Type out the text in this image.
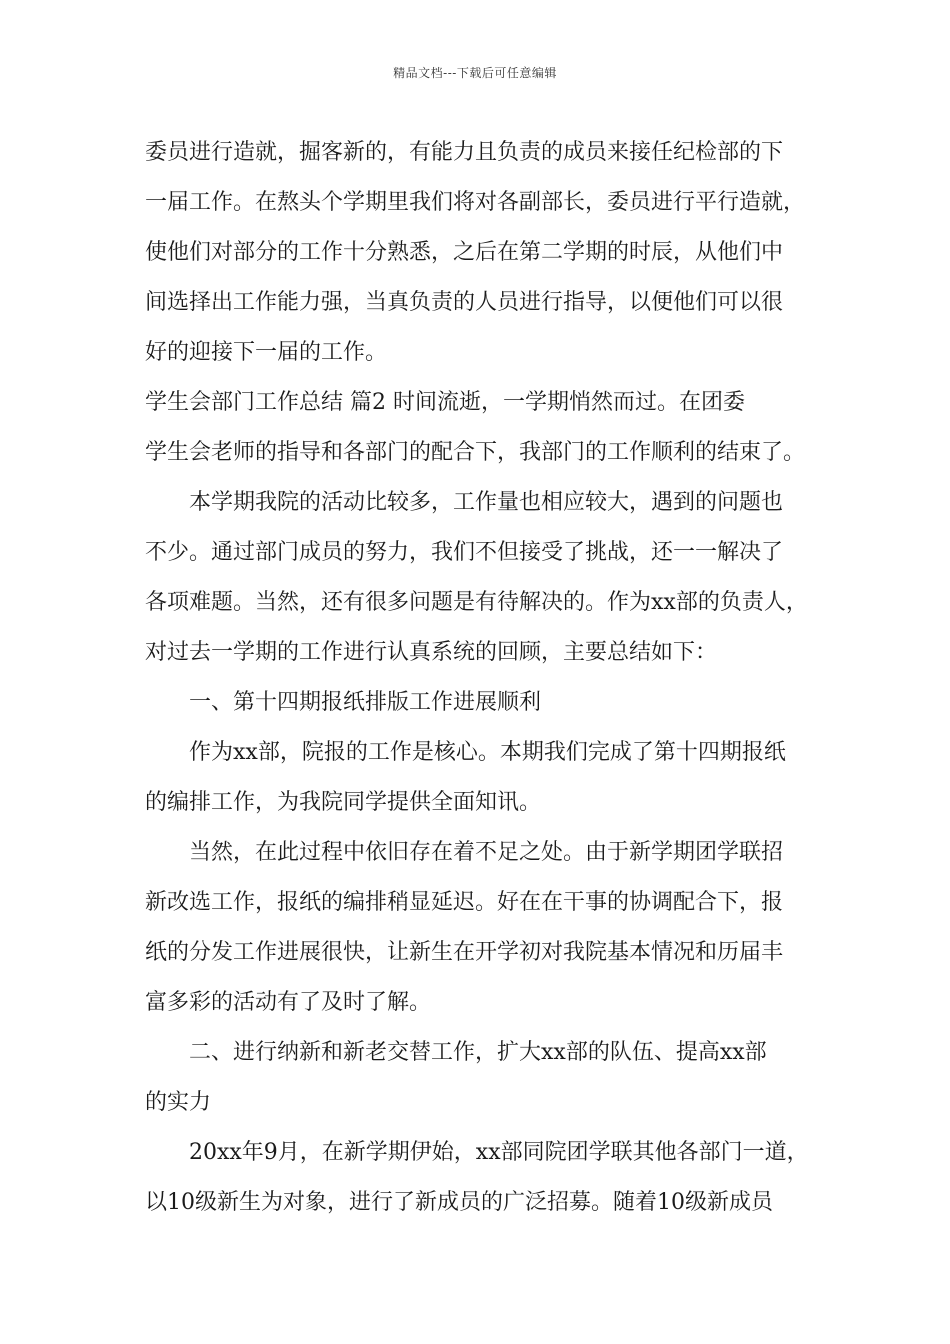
精品文档---下载后可任意编辑
委员进行造就，掘客新的，有能力且负责的成员来接任纪检部的下
一届工作。在熬头个学期里我们将对各副部长，委员进行平行造就，
使他们对部分的工作十分熟悉，之后在第二学期的时辰，从他们中
间选择出工作能力强，当真负责的人员进行指导，以便他们可以很
好的迎接下一届的工作。
学生会部门工作总结 篇2 时间流逝，一学期悄然而过。在团委
学生会老师的指导和各部门的配合下，我部门的工作顺利的结束了。
本学期我院的活动比较多，工作量也相应较大，遇到的问题也
不少。通过部门成员的努力，我们不但接受了挑战，还一一解决了
各项难题。当然，还有很多问题是有待解决的。作为xx部的负责人，
对过去一学期的工作进行认真系统的回顾，主要总结如下：
一、第十四期报纸排版工作进展顺利
作为xx部，院报的工作是核心。本期我们完成了第十四期报纸
的编排工作，为我院同学提供全面知讯。
当然，在此过程中依旧存在着不足之处。由于新学期团学联招
新改选工作，报纸的编排稍显延迟。好在在干事的协调配合下，报
纸的分发工作进展很快，让新生在开学初对我院基本情况和历届丰
富多彩的活动有了及时了解。
二、进行纳新和新老交替工作，扩大xx部的队伍、提高xx部
的实力
20xx年9月，在新学期伊始，xx部同院团学联其他各部门一道，
以10级新生为对象，进行了新成员的广泛招募。随着10级新成员
